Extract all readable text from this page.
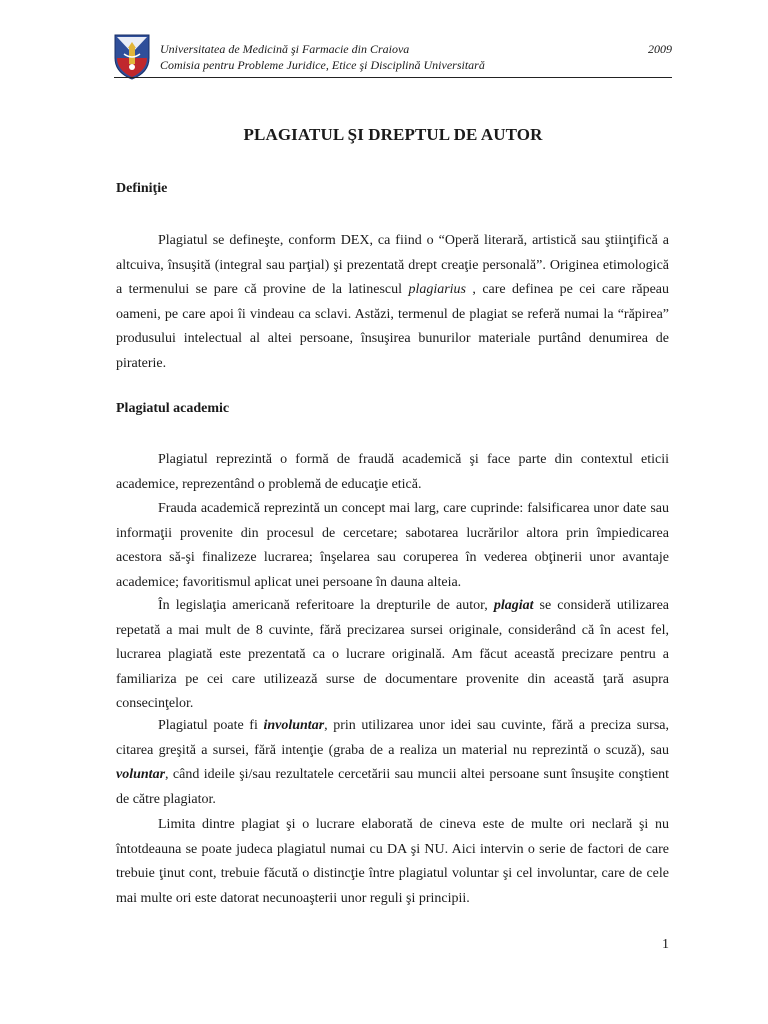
Universitatea de Medicină şi Farmacie din Craiova
Comisia pentru Probleme Juridice, Etice şi Disciplină Universitară
2009
PLAGIATUL ŞI DREPTUL DE AUTOR
Definiţie

Plagiatul se defineşte, conform DEX, ca fiind o “Operă literară, artistică sau ştiinţifică a altcuiva, însuşită (integral sau parţial) şi prezentată drept creaţie personală”. Originea etimologică a termenului se pare că provine de la latinescul plagiarius , care definea pe cei care răpeau oameni, pe care apoi îi vindeau ca sclavi. Astăzi, termenul de plagiat se referă numai la “răpirea” produsului intelectual al altei persoane, însuşirea bunurilor materiale purtând denumirea de piraterie.

Plagiatul academic

Plagiatul reprezintă o formă de fraudă academică şi face parte din contextul eticii academice, reprezentând o problemă de educaţie etică.

Frauda academică reprezintă un concept mai larg, care cuprinde: falsificarea unor date sau informaţii provenite din procesul de cercetare; sabotarea lucrărilor altora prin împiedicarea acestora să-şi finalizeze lucrarea; înşelarea sau coruperea în vederea obţinerii unor avantaje academice; favoritismul aplicat unei persoane în dauna alteia.

În legislaţia americană referitoare la drepturile de autor, plagiat se consideră utilizarea repetată a mai mult de 8 cuvinte, fără precizarea sursei originale, considerând că în acest fel, lucrarea plagiată este prezentată ca o lucrare originală. Am făcut această precizare pentru a familiariza pe cei care utilizează surse de documentare provenite din această ţară asupra consecinţelor.

Plagiatul poate fi involuntar, prin utilizarea unor idei sau cuvinte, fără a preciza sursa, citarea greşită a sursei, fără intenţie (graba de a realiza un material nu reprezintă o scuză), sau voluntar, când ideile şi/sau rezultatele cercetării sau muncii altei persoane sunt însuşite conştient de către plagiator.

Limita dintre plagiat şi o lucrare elaborată de cineva este de multe ori neclară şi nu întotdeauna se poate judeca plagiatul numai cu DA şi NU. Aici intervin o serie de factori de care trebuie ţinut cont, trebuie făcută o distincţie între plagiatul voluntar şi cel involuntar, care de cele mai multe ori este datorat necunoaşterii unor reguli şi principii.

1
